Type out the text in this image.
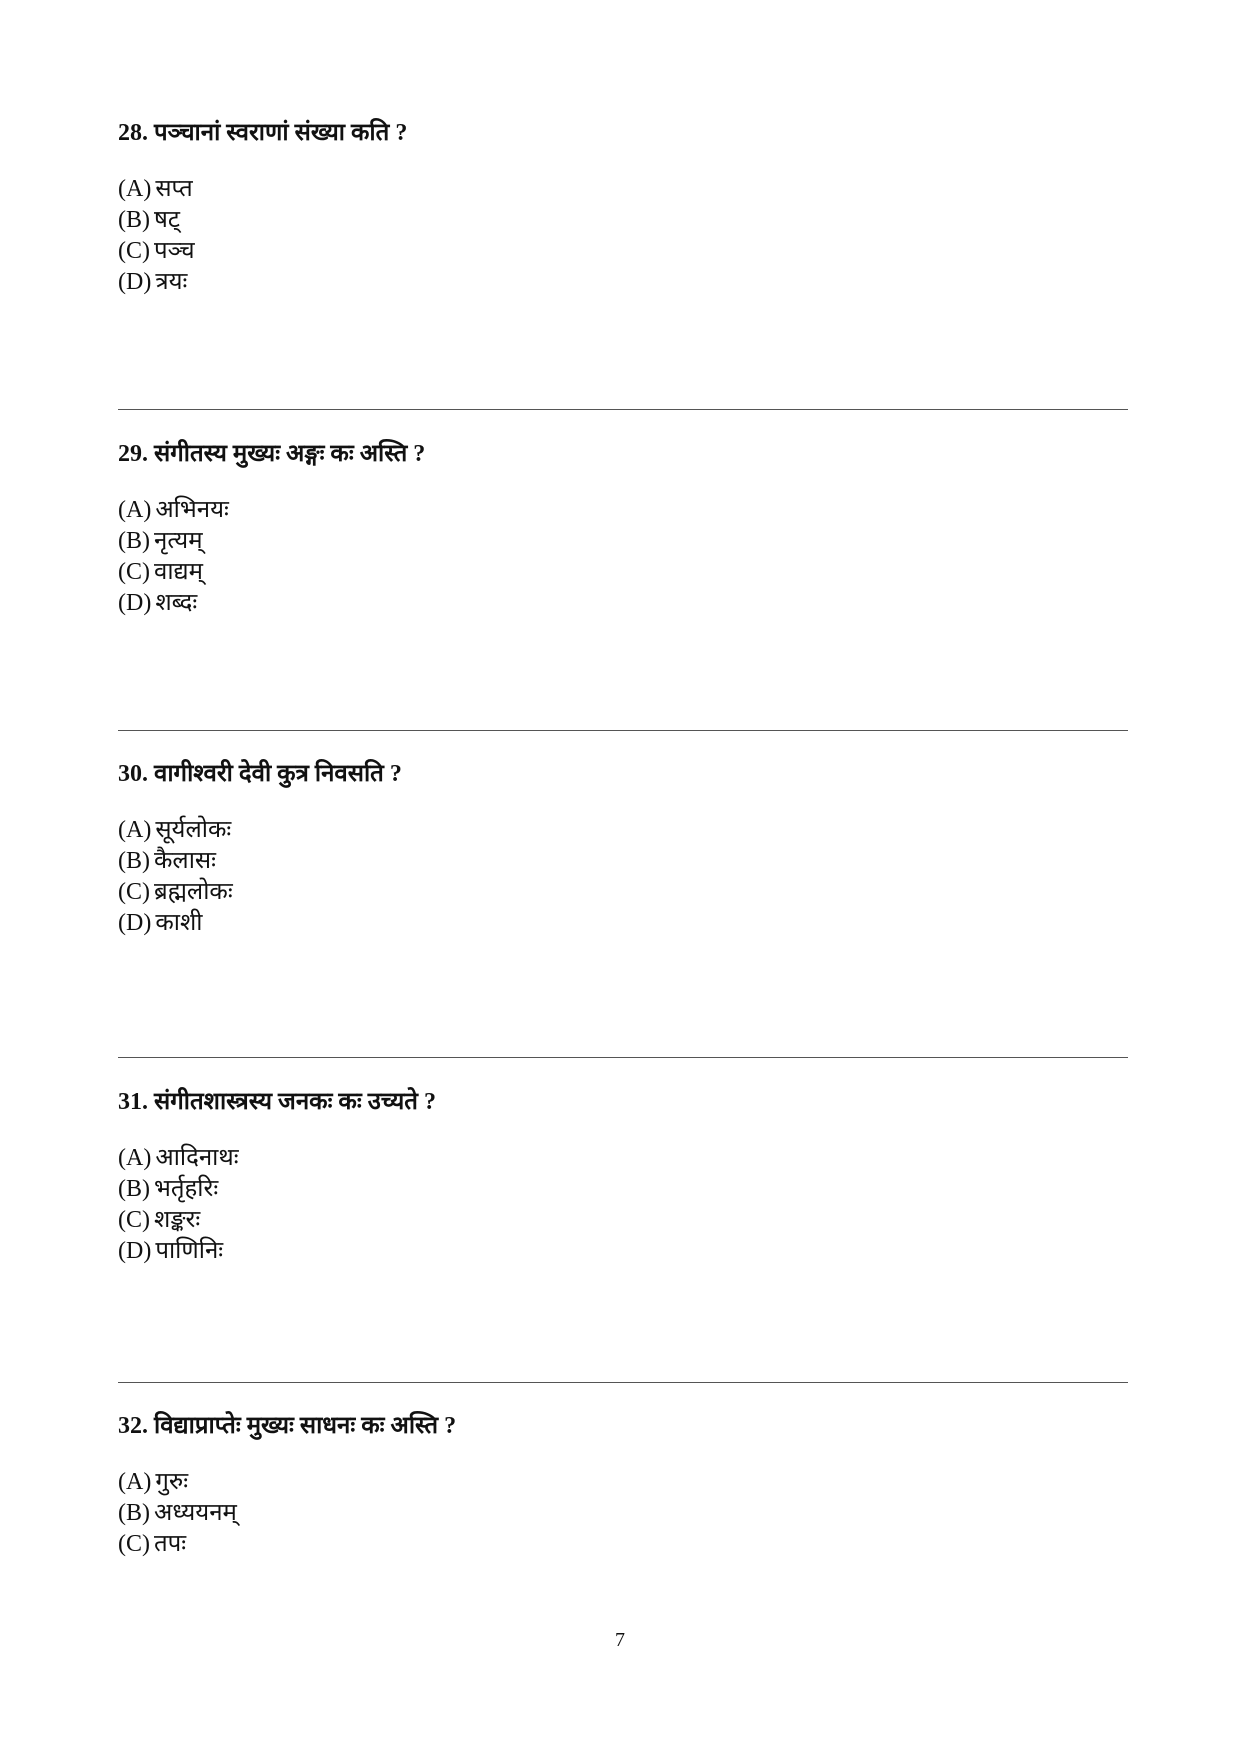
28. पञ्चानां स्वराणां संख्या कति ?

(A) सप्त
(B) षट्
(C) पञ्च
(D) त्रयः

29. संगीतस्य मुख्यः अङ्गः कः अस्ति ?

(A) अभिनयः
(B) नृत्यम्
(C) वाद्यम्
(D) शब्दः

30. वागीश्वरी देवी कुत्र निवसति ?

(A) सूर्यलोकः
(B) कैलासः
(C) ब्रह्मलोकः
(D) काशी

31. संगीतशास्त्रस्य जनकः कः उच्यते ?

(A) आदिनाथः
(B) भर्तृहरिः
(C) शङ्करः
(D) पाणिनिः

32. विद्याप्राप्तेः मुख्यः साधनः कः अस्ति ?

(A) गुरुः
(B) अध्ययनम्
(C) तपः
7
